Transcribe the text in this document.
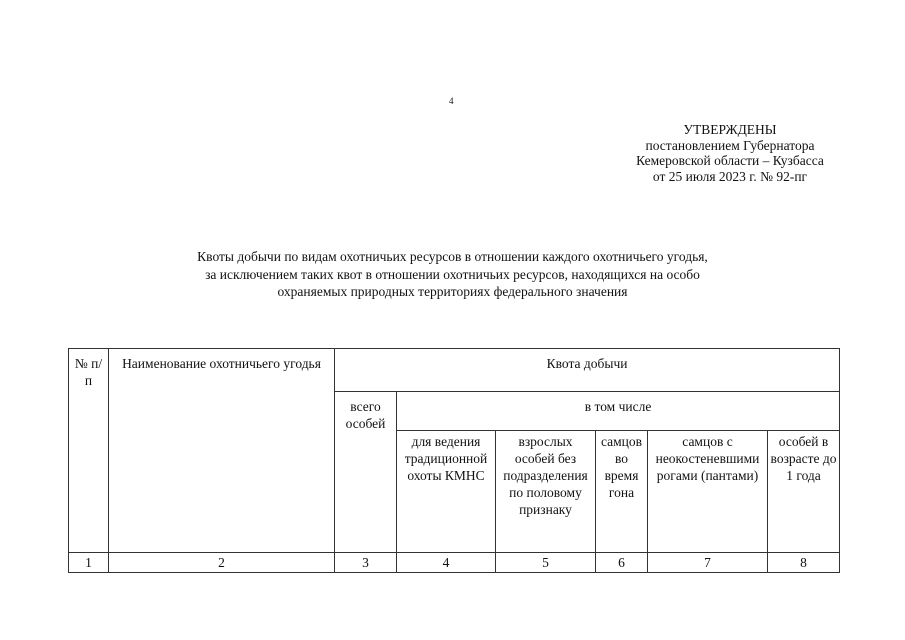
4
УТВЕРЖДЕНЫ
постановлением Губернатора
Кемеровской области – Кузбасса
от 25 июля 2023 г. № 92-пг
Квоты добычи по видам охотничьих ресурсов в отношении каждого охотничьего угодья,
за исключением таких квот в отношении охотничьих ресурсов, находящихся на особо
охраняемых природных территориях федерального значения
№ п/п	Наименование охотничьего угодья	Квота добычи					
		всего особей	в том числе				
			для ведения традиционной охоты КМНС	взрослых особей без подразделения по половому признаку	самцов во время гона	самцов с неокостеневшими рогами (пантами)	особей в возрасте до 1 года
1	2	3	4	5	6	7	8
